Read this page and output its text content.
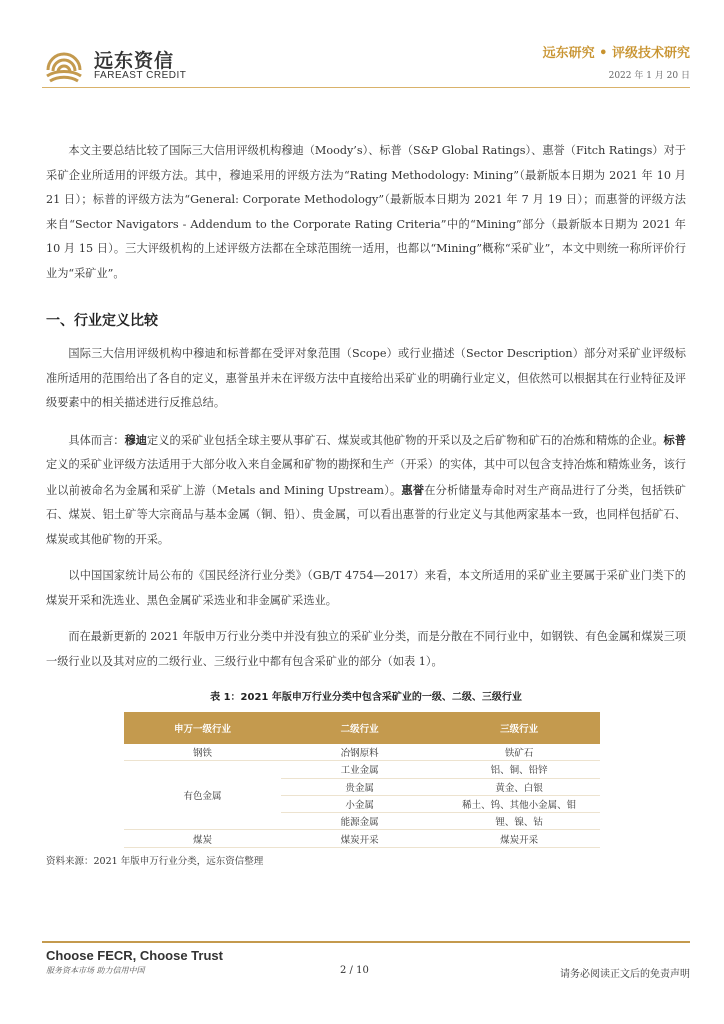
远东资信
FAREAST CREDIT
远东研究 • 评级技术研究
2022 年 1 月 20 日

本文主要总结比较了国际三大信用评级机构穆迪（Moody’s）、标普（S&P Global Ratings）、惠誉（Fitch Ratings）对于采矿企业所适用的评级方法。其中，穆迪采用的评级方法为“Rating Methodology: Mining”（最新版本日期为 2021 年 10 月 21 日）；标普的评级方法为“General: Corporate Methodology”（最新版本日期为 2021 年 7 月 19 日）；而惠誉的评级方法来自“Sector Navigators - Addendum to the Corporate Rating Criteria”中的“Mining”部分（最新版本日期为 2021 年 10 月 15 日）。三大评级机构的上述评级方法都在全球范围统一适用，也都以“Mining”概称“采矿业”，本文中则统一称所评价行业为“采矿业”。

一、行业定义比较

国际三大信用评级机构中穆迪和标普都在受评对象范围（Scope）或行业描述（Sector Description）部分对采矿业评级标准所适用的范围给出了各自的定义，惠誉虽并未在评级方法中直接给出采矿业的明确行业定义，但依然可以根据其在行业特征及评级要素中的相关描述进行反推总结。

具体而言：穆迪定义的采矿业包括全球主要从事矿石、煤炭或其他矿物的开采以及之后矿物和矿石的冶炼和精炼的企业。标普定义的采矿业评级方法适用于大部分收入来自金属和矿物的勘探和生产（开采）的实体，其中可以包含支持冶炼和精炼业务，该行业以前被命名为金属和采矿上游（Metals and Mining Upstream）。惠誉在分析储量寿命时对生产商品进行了分类，包括铁矿石、煤炭、铝土矿等大宗商品与基本金属（铜、铅）、贵金属，可以看出惠誉的行业定义与其他两家基本一致，也同样包括矿石、煤炭或其他矿物的开采。

以中国国家统计局公布的《国民经济行业分类》（GB/T 4754—2017）来看，本文所适用的采矿业主要属于采矿业门类下的煤炭开采和洗选业、黑色金属矿采选业和非金属矿采选业。

而在最新更新的 2021 年版申万行业分类中并没有独立的采矿业分类，而是分散在不同行业中，如钢铁、有色金属和煤炭三项一级行业以及其对应的二级行业、三级行业中都有包含采矿业的部分（如表 1）。

表 1：2021 年版申万行业分类中包含采矿业的一级、二级、三级行业
申万一级行业	二级行业	三级行业
钢铁	冶钢原料	铁矿石
有色金属	工业金属	铝、铜、铅锌
	贵金属	黄金、白银
	小金属	稀土、钨、其他小金属、钼
	能源金属	锂、镍、钴
煤炭	煤炭开采	煤炭开采
资料来源：2021 年版申万行业分类，远东资信整理
Choose FECR, Choose Trust
服务资本市场 助力信用中国	2 / 10	请务必阅读正文后的免责声明
